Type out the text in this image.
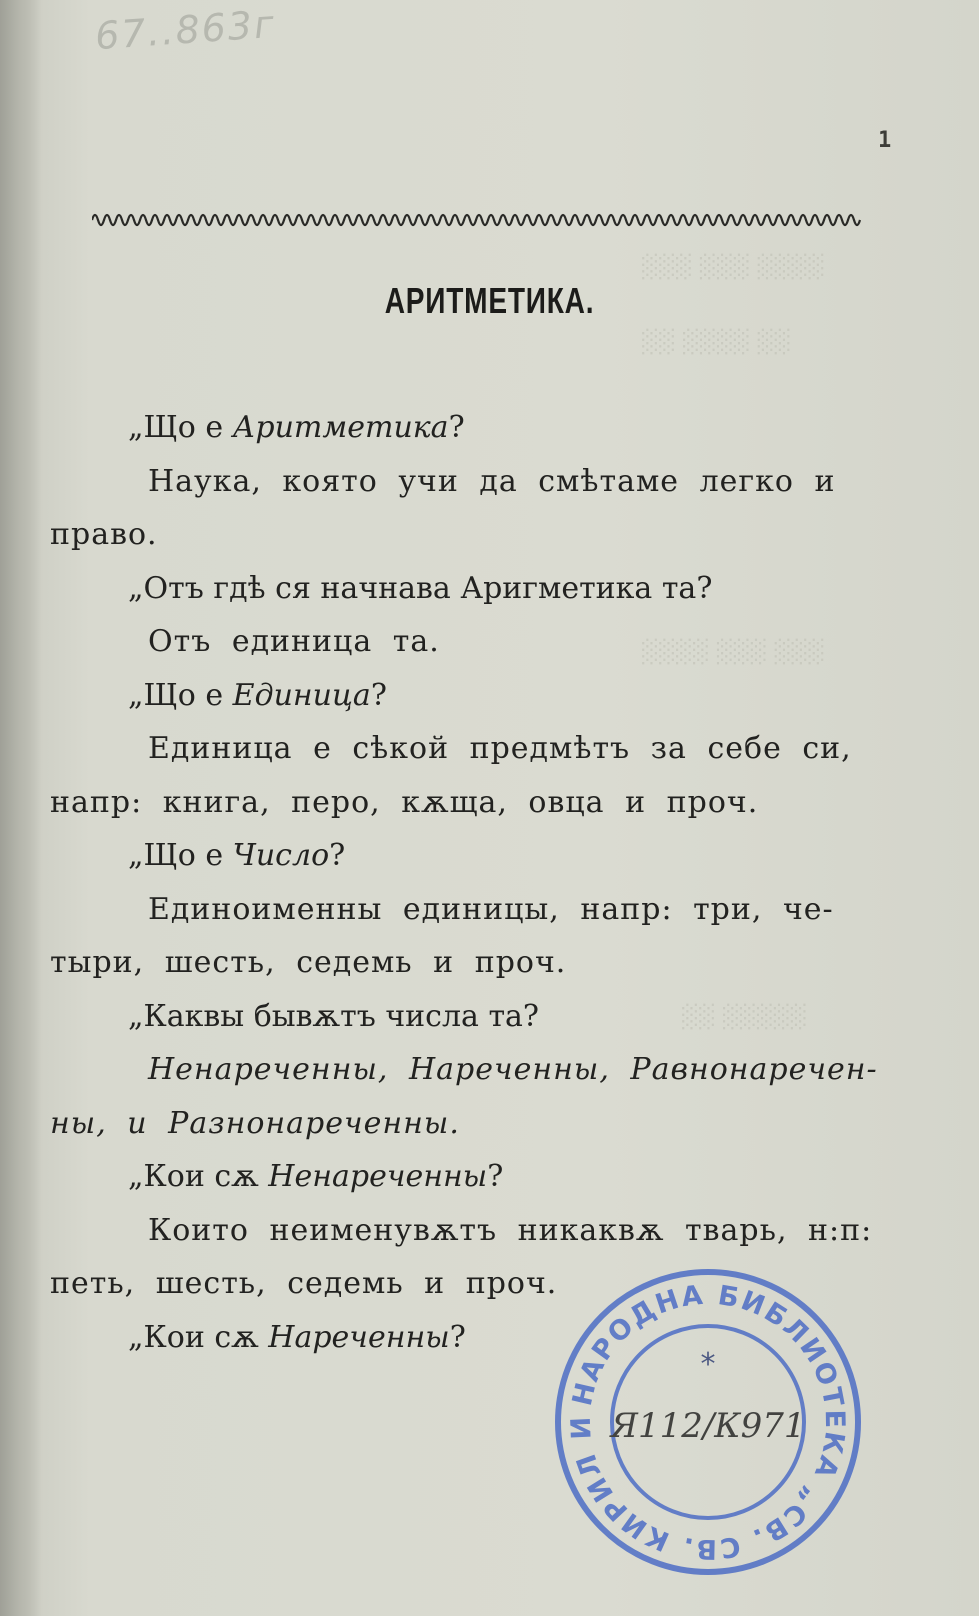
67..863г
1
░░░░ ░░░ ░░░
░░ ░░░░ ░░
░░░ ░░░ ░░░░
░░░░░ ░░
АРИТМЕТИКА.
„Що е Аритметика?
Наука, която учи да смѣтаме легко и
право.
„Отъ гдѣ ся начнава Аригметика та?
Отъ единица та.
„Що е Единица?
Единица е сѣкой предмѣтъ за себе си,
напр: книга, перо, кѫща, овца и проч.
„Що е Число?
Единоименны единицы, напр: три, че-
тыри, шесть, седемь и проч.
„Каквы бывѫтъ числа та?
Ненареченны, Нареченны, Равнонаречен-
ны, и Разнонареченны.
„Кои сѫ Ненареченны?
Които неименувѫтъ никаквѫ тварь, н:п:
петь, шесть, седемь и проч.
„Кои сѫ Нареченны?
НАРОДНА БИБЛИОТЕКА „СВ. СВ. КИРИЛ И
*
Я112/К971
